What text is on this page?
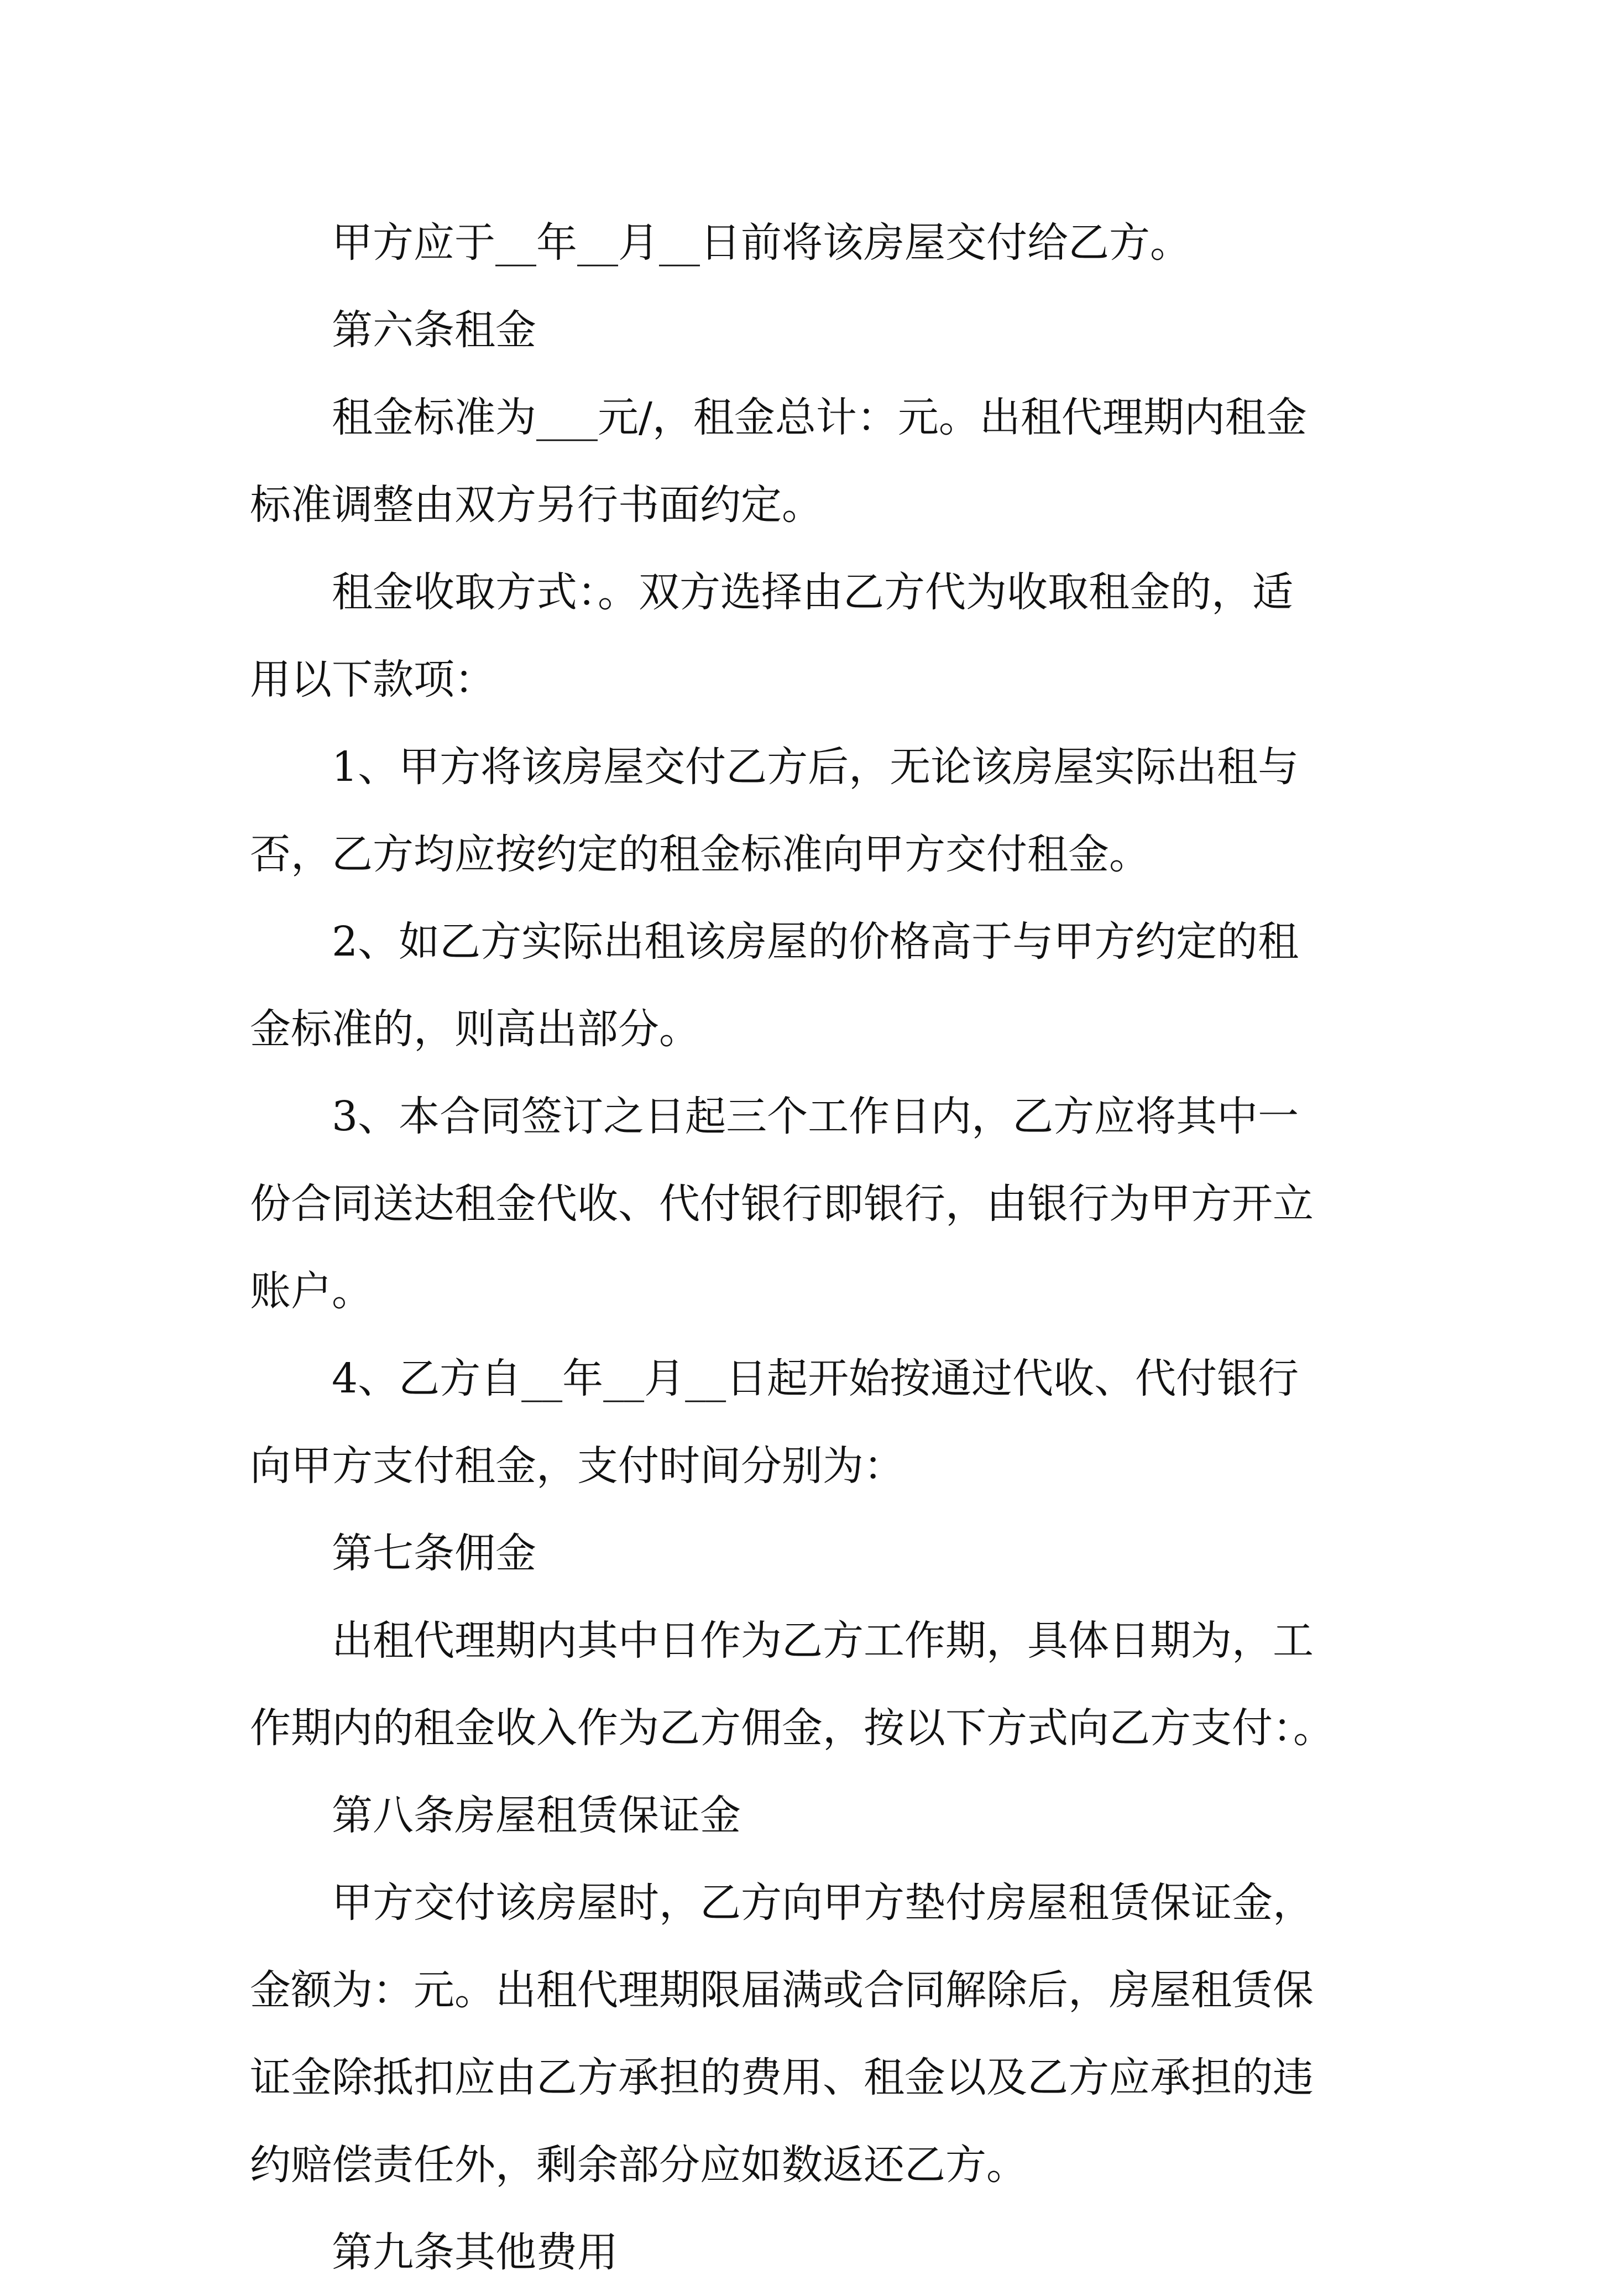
甲方应于__年__月__日前将该房屋交付给乙方。
第六条租金
租金标准为___元/，租金总计：元。出租代理期内租金
标准调整由双方另行书面约定。
租金收取方式：。双方选择由乙方代为收取租金的，适
用以下款项：
1、甲方将该房屋交付乙方后，无论该房屋实际出租与
否，乙方均应按约定的租金标准向甲方交付租金。
2、如乙方实际出租该房屋的价格高于与甲方约定的租
金标准的，则高出部分。
3、本合同签订之日起三个工作日内，乙方应将其中一
份合同送达租金代收、代付银行即银行，由银行为甲方开立
账户。
4、乙方自__年__月__日起开始按通过代收、代付银行
向甲方支付租金，支付时间分别为：
第七条佣金
出租代理期内其中日作为乙方工作期，具体日期为，工
作期内的租金收入作为乙方佣金，按以下方式向乙方支付：。
第八条房屋租赁保证金
甲方交付该房屋时，乙方向甲方垫付房屋租赁保证金，
金额为：元。出租代理期限届满或合同解除后，房屋租赁保
证金除抵扣应由乙方承担的费用、租金以及乙方应承担的违
约赔偿责任外，剩余部分应如数返还乙方。
第九条其他费用
